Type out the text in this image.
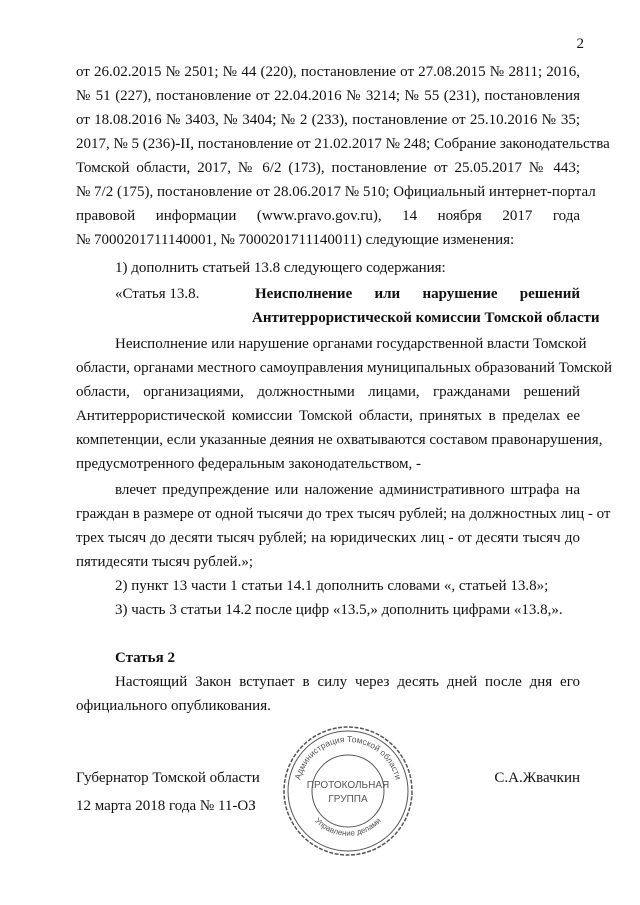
2
от 26.02.2015 № 2501; № 44 (220), постановление от 27.08.2015 № 2811; 2016,
№ 51 (227), постановление от 22.04.2016 № 3214; № 55 (231), постановления
от 18.08.2016 № 3403, № 3404; № 2 (233), постановление от 25.10.2016 № 35;
2017, № 5 (236)-II, постановление от 21.02.2017 № 248; Собрание законодательства
Томской области, 2017, № 6/2 (173), постановление от 25.05.2017 № 443;
№ 7/2 (175), постановление от 28.06.2017 № 510; Официальный интернет-портал
правовой информации (www.pravo.gov.ru), 14 ноября 2017 года
№ 7000201711140001, № 7000201711140011) следующие изменения:
1) дополнить статьей 13.8 следующего содержания:
«Статья 13.8.	Неисполнение или нарушение решений
Антитеррористической комиссии Томской области
Неисполнение или нарушение органами государственной власти Томской
области, органами местного самоуправления муниципальных образований Томской
области, организациями, должностными лицами, гражданами решений
Антитеррористической комиссии Томской области, принятых в пределах ее
компетенции, если указанные деяния не охватываются составом правонарушения,
предусмотренного федеральным законодательством, -
влечет предупреждение или наложение административного штрафа на
граждан в размере от одной тысячи до трех тысяч рублей; на должностных лиц - от
трех тысяч до десяти тысяч рублей; на юридических лиц - от десяти тысяч до
пятидесяти тысяч рублей.»;
2) пункт 13 части 1 статьи 14.1 дополнить словами «, статьей 13.8»;
3) часть 3 статьи 14.2 после цифр «13.5,» дополнить цифрами «13.8,».
Статья 2
Настоящий Закон вступает в силу через десять дней после дня его
официального опубликования.
Губернатор Томской области	С.А.Жвачкин
12 марта 2018 года № 11-ОЗ
Администрация Томской области
Управление делами
ПРОТОКОЛЬНАЯ
ГРУППА
